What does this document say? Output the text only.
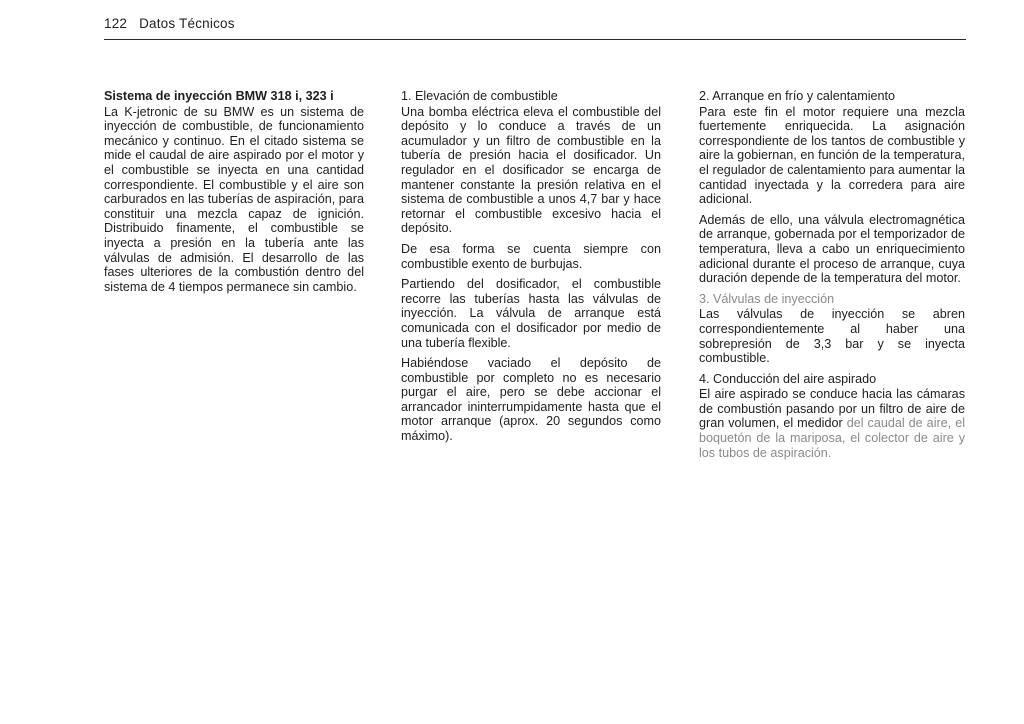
122 Datos Técnicos
Sistema de inyección BMW 318 i, 323 i

La K-jetronic de su BMW es un sistema de inyección de combustible, de funcionamiento mecánico y continuo. En el citado sistema se mide el caudal de aire aspirado por el motor y el combustible se inyecta en una cantidad correspondiente. El combustible y el aire son carburados en las tuberías de aspiración, para constituir una mezcla capaz de ignición. Distribuido finamente, el combustible se inyecta a presión en la tubería ante las válvulas de admisión. El desarrollo de las fases ulteriores de la combustión dentro del sistema de 4 tiempos permanece sin cambio.

1. Elevación de combustible

Una bomba eléctrica eleva el combustible del depósito y lo conduce a través de un acumulador y un filtro de combustible en la tubería de presión hacia el dosificador. Un regulador en el dosificador se encarga de mantener constante la presión relativa en el sistema de combustible a unos 4,7 bar y hace retornar el combustible excesivo hacia el depósito.

De esa forma se cuenta siempre con combustible exento de burbujas.

Partiendo del dosificador, el combustible recorre las tuberías hasta las válvulas de inyección. La válvula de arranque está comunicada con el dosificador por medio de una tubería flexible.

Habiéndose vaciado el depósito de combustible por completo no es necesario purgar el aire, pero se debe accionar el arrancador ininterrumpidamente hasta que el motor arranque (aprox. 20 segundos como máximo).

2. Arranque en frío y calentamiento

Para este fin el motor requiere una mezcla fuertemente enriquecida. La asignación correspondiente de los tantos de combustible y aire la gobiernan, en función de la temperatura, el regulador de calentamiento para aumentar la cantidad inyectada y la corredera para aire adicional.

Además de ello, una válvula electromagnética de arranque, gobernada por el temporizador de temperatura, lleva a cabo un enriquecimiento adicional durante el proceso de arranque, cuya duración depende de la temperatura del motor.

3. Válvulas de inyección

Las válvulas de inyección se abren correspondientemente al haber una sobrepresión de 3,3 bar y se inyecta combustible.

4. Conducción del aire aspirado

El aire aspirado se conduce hacia las cámaras de combustión pasando por un filtro de aire de gran volumen, el medidor del caudal de aire, el boquetón de la mariposa, el colector de aire y los tubos de aspiración.
